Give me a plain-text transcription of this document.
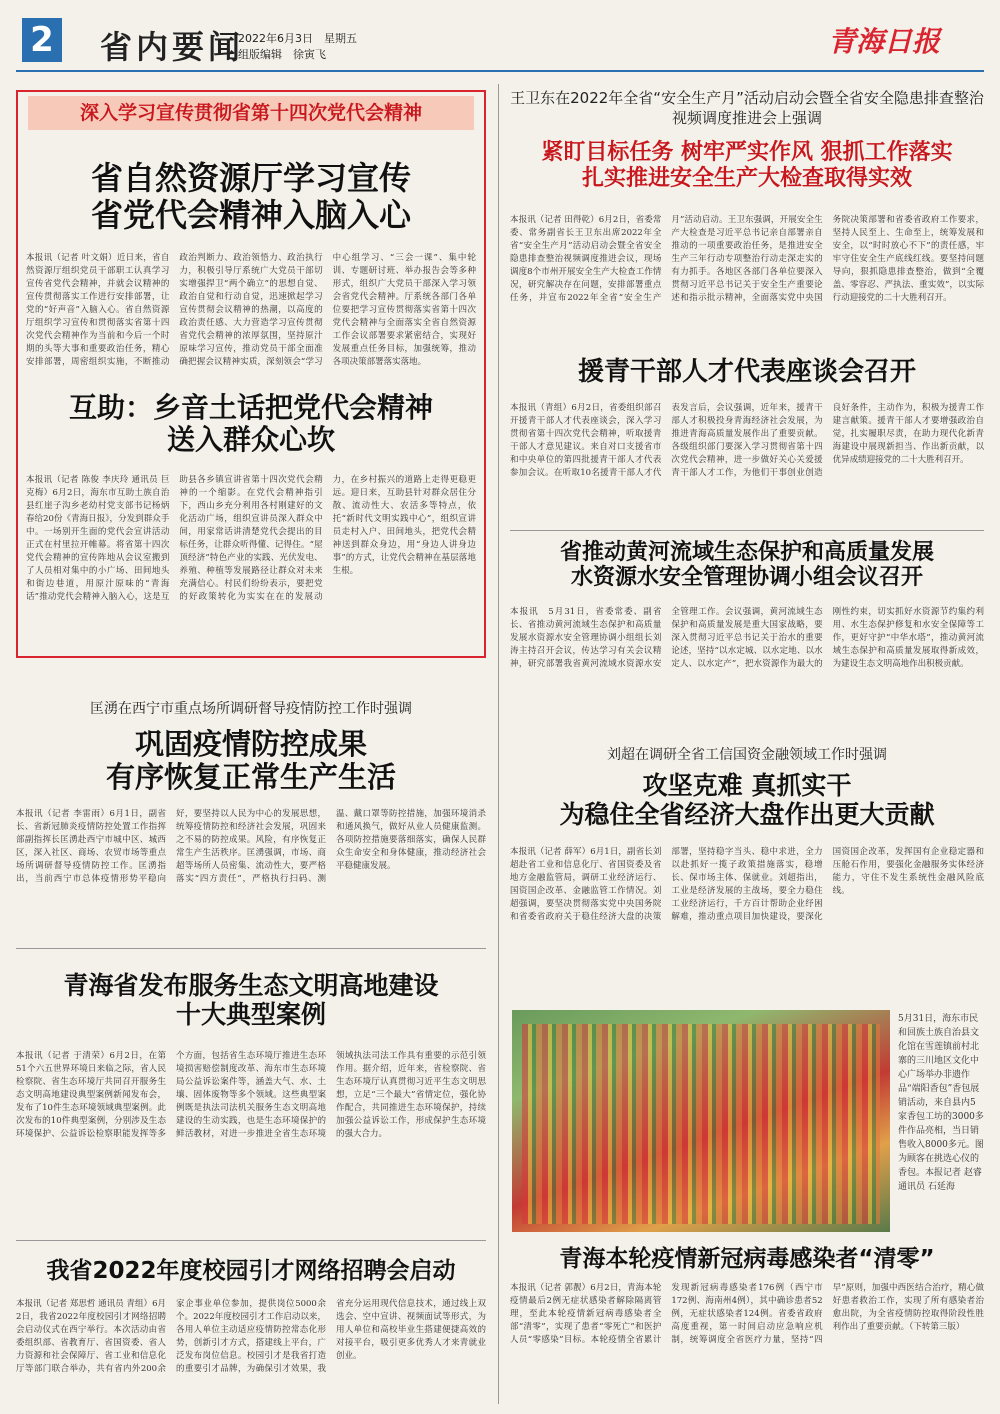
2 省内要闻
2022年6月3日　星期五
组版编辑　徐寅飞	青海日报
深入学习宣传贯彻省第十四次党代会精神
省自然资源厅学习宣传
省党代会精神入脑入心
本报讯（记者 叶文娟）近日来，省自然资源厅组织党员干部职工认真学习宣传省党代会精神，并就会议精神的宣传贯彻落实工作进行安排部署，让党的“好声音”入脑入心。省自然资源厅组织学习宣传和贯彻落实省第十四次党代会精神作为当前和今后一个时期的头等大事和重要政治任务，精心安排部署，周密组织实施，不断推动政治判断力、政治领悟力、政治执行力，积极引导厅系统广大党员干部切实增强捍卫“两个确立”的思想自觉、政治自觉和行动自觉，迅速掀起学习宣传贯彻会议精神的热潮，以高度的政治责任感、大力营造学习宣传贯彻省党代会精神的浓厚氛围，坚持原汁原味学习宣传，推动党员干部全面准确把握会议精神实质，深刻领会“学习中心组学习、“三会一课”、集中轮训、专题研讨班、举办报告会等多种形式，组织广大党员干部深入学习领会省党代会精神。厅系统各部门各单位要把学习宣传贯彻落实省第十四次党代会精神与全面落实全省自然资源工作会议部署要求紧密结合，实现好发展重点任务目标，加强统筹，推动各项决策部署落实落地。
互助：乡音土话把党代会精神
送入群众心坎
本报讯（记者 陈俊 李庆玲 通讯员 巨克梅）6月2日，海东市互助土族自治县红崖子沟乡老幼村党支部书记杨炳春给20份《青海日报》，分发到群众手中。一场别开生面的党代会宣讲活动正式在村里拉开帷幕。将省第十四次党代会精神的宣传阵地从会议室搬到了人员相对集中的小广场、田间地头和街边巷道，用原汁原味的“青海话”推动党代会精神入脑入心，这是互助县各乡镇宣讲省第十四次党代会精神的一个缩影。在党代会精神指引下，西山乡充分利用各村刚建好的文化活动广场，组织宣讲员深入群众中间，用家常话讲清楚党代会提出的目标任务，让群众听得懂、记得住。“屋顶经济”特色产业的实践、光伏发电、养殖、种植等发展路径让群众对未来充满信心。村民们纷纷表示，要把党的好政策转化为实实在在的发展动力，在乡村振兴的道路上走得更稳更远。迎日来，互助县针对群众居住分散、流动性大、农活多等特点，依托“新时代文明实践中心”，组织宣讲员走村入户、田间地头，把党代会精神送到群众身边，用“身边人讲身边事”的方式，让党代会精神在基层落地生根。
匡湧在西宁市重点场所调研督导疫情防控工作时强调
巩固疫情防控成果
有序恢复正常生产生活
本报讯（记者 李雷雨）6月1日，副省长、省新冠肺炎疫情防控处置工作指挥部副指挥长匡湧赴西宁市城中区、城西区，深入社区、商场、农贸市场等重点场所调研督导疫情防控工作。匡湧指出，当前西宁市总体疫情形势平稳向好，要坚持以人民为中心的发展思想，统筹疫情防控和经济社会发展，巩固来之不易的防控成果。风险，有序恢复正常生产生活秩序。匡湧强调，市场、商超等场所人员密集、流动性大，要严格落实“四方责任”，严格执行扫码、测温、戴口罩等防控措施，加强环境消杀和通风换气，做好从业人员健康监测。各项防控措施要落细落实，确保人民群众生命安全和身体健康，推动经济社会平稳健康发展。
青海省发布服务生态文明高地建设
十大典型案例
本报讯（记者 于清荣）6月2日，在第51个六五世界环境日来临之际，省人民检察院、省生态环境厅共同召开服务生态文明高地建设典型案例新闻发布会，发布了10件生态环境领域典型案例。此次发布的10件典型案例，分别涉及生态环境保护、公益诉讼检察职能发挥等多个方面，包括省生态环境厅推进生态环境损害赔偿制度改革、海东市生态环境局公益诉讼案件等，涵盖大气、水、土壤、固体废物等多个领域。这些典型案例既是执法司法机关服务生态文明高地建设的生动实践，也是生态环境保护的鲜活教材，对进一步推进全省生态环境领域执法司法工作具有重要的示范引领作用。据介绍，近年来，省检察院、省生态环境厅认真贯彻习近平生态文明思想，立足“三个最大”省情定位，强化协作配合，共同推进生态环境保护，持续加强公益诉讼工作，形成保护生态环境的强大合力。
我省2022年度校园引才网络招聘会启动
本报讯（记者 郑思哲 通讯员 青组）6月2日，我省2022年度校园引才网络招聘会启动仪式在西宁举行。本次活动由省委组织部、省教育厅、省国资委、省人力资源和社会保障厅、省工业和信息化厅等部门联合举办，共有省内外200余家企事业单位参加，提供岗位5000余个。2022年度校园引才工作启动以来，各用人单位主动适应疫情防控常态化形势，创新引才方式，搭建线上平台，广泛发布岗位信息。校园引才是我省打造的重要引才品牌，为确保引才效果，我省充分运用现代信息技术，通过线上双选会、空中宣讲、视频面试等形式，为用人单位和高校毕业生搭建便捷高效的对接平台，吸引更多优秀人才来青就业创业。
王卫东在2022年全省“安全生产月”活动启动会暨全省安全隐患排查整治视频调度推进会上强调
紧盯目标任务 树牢严实作风 狠抓工作落实
扎实推进安全生产大检查取得实效
本报讯（记者 田得乾）6月2日，省委常委、常务副省长王卫东出席2022年全省“安全生产月”活动启动会暨全省安全隐患排查整治视频调度推进会议，现场调度8个市州开展安全生产大检查工作情况，研究解决存在问题，安排部署重点任务，并宣布2022年全省“安全生产月”活动启动。王卫东强调，开展安全生产大检查是习近平总书记亲自部署亲自推动的一项重要政治任务，是推进安全生产三年行动专项整治行动走深走实的有力抓手。各地区各部门各单位要深入贯彻习近平总书记关于安全生产重要论述和指示批示精神，全面落实党中央国务院决策部署和省委省政府工作要求，坚持人民至上、生命至上，统筹发展和安全，以“时时放心不下”的责任感，牢牢守住安全生产底线红线。要坚持问题导向，狠抓隐患排查整治，做到“全覆盖、零容忍、严执法、重实效”，以实际行动迎接党的二十大胜利召开。
援青干部人才代表座谈会召开
本报讯（青组）6月2日，省委组织部召开援青干部人才代表座谈会，深入学习贯彻省第十四次党代会精神，听取援青干部人才意见建议。来自对口支援省市和中央单位的第四批援青干部人才代表参加会议。在听取10名援青干部人才代表发言后，会议强调，近年来，援青干部人才积极投身青海经济社会发展，为推进青海高质量发展作出了重要贡献。各级组织部门要深入学习贯彻省第十四次党代会精神，进一步做好关心关爱援青干部人才工作，为他们干事创业创造良好条件，主动作为，积极为援青工作建言献策。援青干部人才要增强政治自觉，扎实履职尽责，在助力现代化新青海建设中展现新担当、作出新贡献，以优异成绩迎接党的二十大胜利召开。
省推动黄河流域生态保护和高质量发展
水资源水安全管理协调小组会议召开
本报讯　5月31日，省委常委、副省长、省推动黄河流域生态保护和高质量发展水资源水安全管理协调小组组长刘涛主持召开会议，传达学习有关会议精神，研究部署我省黄河流域水资源水安全管理工作。会议强调，黄河流域生态保护和高质量发展是重大国家战略，要深入贯彻习近平总书记关于治水的重要论述，坚持“以水定城、以水定地、以水定人、以水定产”，把水资源作为最大的刚性约束，切实抓好水资源节约集约利用、水生态保护修复和水安全保障等工作，更好守护“中华水塔”，推动黄河流域生态保护和高质量发展取得新成效，为建设生态文明高地作出积极贡献。
刘超在调研全省工信国资金融领域工作时强调
攻坚克难 真抓实干
为稳住全省经济大盘作出更大贡献
本报讯（记者 薛军）6月1日，副省长刘超赴省工业和信息化厅、省国资委及省地方金融监管局，调研工业经济运行、国资国企改革、金融监管工作情况。刘超强调，要坚决贯彻落实党中央国务院和省委省政府关于稳住经济大盘的决策部署，坚持稳字当头、稳中求进，全力以赴抓好一揽子政策措施落实，稳增长、保市场主体、保就业。刘超指出，工业是经济发展的主战场，要全力稳住工业经济运行，千方百计帮助企业纾困解难，推动重点项目加快建设，要深化国资国企改革，发挥国有企业稳定器和压舱石作用，要强化金融服务实体经济能力，守住不发生系统性金融风险底线。
5月31日，海东市民和回族土族自治县文化馆在雪莲镇前村北寨的三川地区文化中心广场举办非遗作品“端阳香包”香包展销活动，来自县内5家香包工坊的3000多件作品亮相，当日销售收入8000多元。图为顾客在挑选心仪的香包。本报记者 赵睿 通讯员 石延海
青海本轮疫情新冠病毒感染者“清零”
本报讯（记者 郭靓）6月2日，青海本轮疫情最后2例无症状感染者解除隔离管理，至此本轮疫情新冠病毒感染者全部“清零”，实现了患者“零死亡”和医护人员“零感染”目标。本轮疫情全省累计发现新冠病毒感染者176例（西宁市172例、海南州4例），其中确诊患者52例，无症状感染者124例。省委省政府高度重视，第一时间启动应急响应机制，统筹调度全省医疗力量，坚持“四早”原则，加强中西医结合治疗，精心做好患者救治工作，实现了所有感染者治愈出院，为全省疫情防控取得阶段性胜利作出了重要贡献。（下转第三版）
